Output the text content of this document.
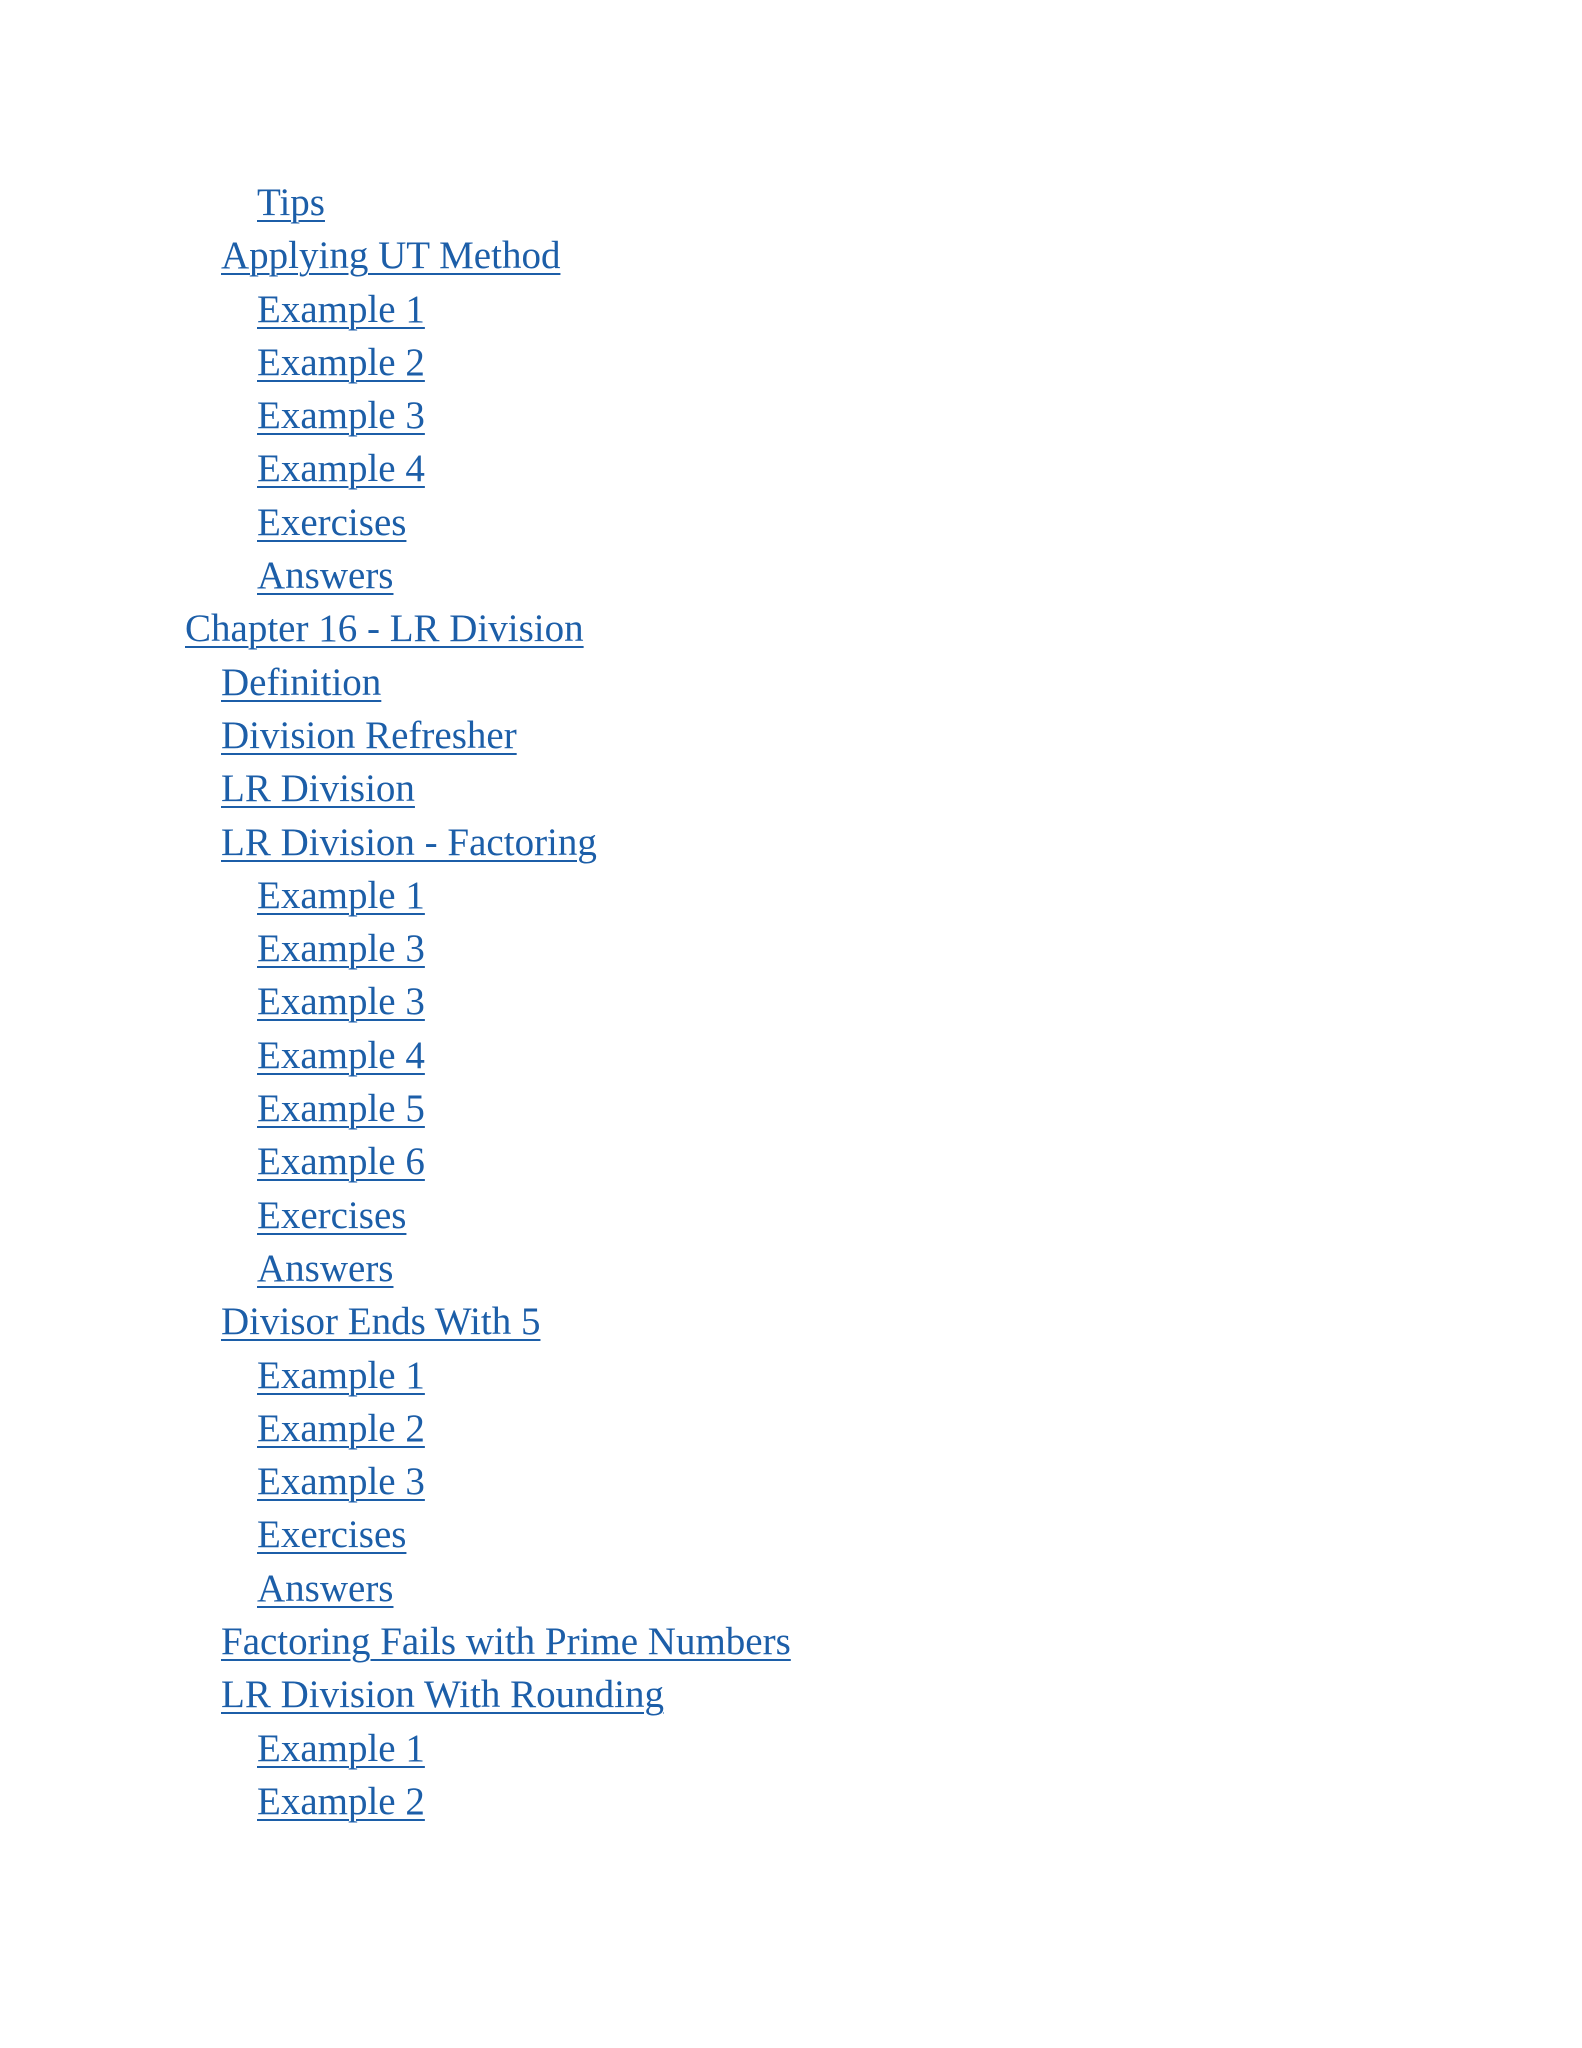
Tips
Applying UT Method
Example 1
Example 2
Example 3
Example 4
Exercises
Answers
Chapter 16 - LR Division
Definition
Division Refresher
LR Division
LR Division - Factoring
Example 1
Example 3
Example 3
Example 4
Example 5
Example 6
Exercises
Answers
Divisor Ends With 5
Example 1
Example 2
Example 3
Exercises
Answers
Factoring Fails with Prime Numbers
LR Division With Rounding
Example 1
Example 2
